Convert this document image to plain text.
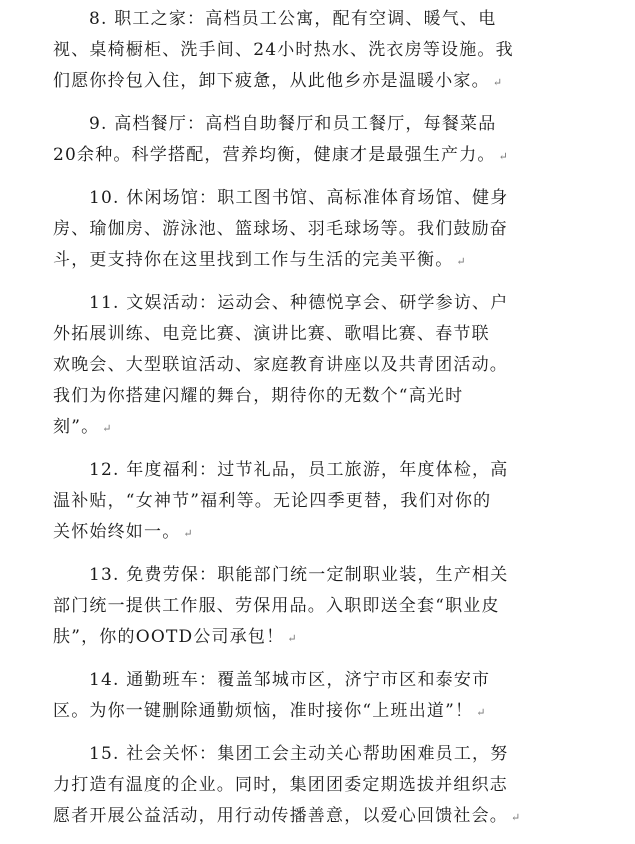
8. 职工之家：高档员工公寓，配有空调、暖气、电
视、桌椅橱柜、洗手间、24小时热水、洗衣房等设施。我
们愿你拎包入住，卸下疲惫，从此他乡亦是温暖小家。 ↵
9. 高档餐厅：高档自助餐厅和员工餐厅，每餐菜品
20余种。科学搭配，营养均衡，健康才是最强生产力。 ↵
10. 休闲场馆：职工图书馆、高标准体育场馆、健身
房、瑜伽房、游泳池、篮球场、羽毛球场等。我们鼓励奋
斗，更支持你在这里找到工作与生活的完美平衡。 ↵
11. 文娱活动：运动会、种德悦享会、研学参访、户
外拓展训练、电竞比赛、演讲比赛、歌唱比赛、春节联
欢晚会、大型联谊活动、家庭教育讲座以及共青团活动。
我们为你搭建闪耀的舞台，期待你的无数个“高光时
刻”。 ↵
12. 年度福利：过节礼品，员工旅游，年度体检，高
温补贴，“女神节”福利等。无论四季更替，我们对你的
关怀始终如一。 ↵
13. 免费劳保：职能部门统一定制职业装，生产相关
部门统一提供工作服、劳保用品。入职即送全套“职业皮
肤”，你的OOTD公司承包！ ↵
14. 通勤班车：覆盖邹城市区，济宁市区和泰安市
区。为你一键删除通勤烦恼，准时接你“上班出道”！ ↵
15. 社会关怀：集团工会主动关心帮助困难员工，努
力打造有温度的企业。同时，集团团委定期选拔并组织志
愿者开展公益活动，用行动传播善意，以爱心回馈社会。 ↵
